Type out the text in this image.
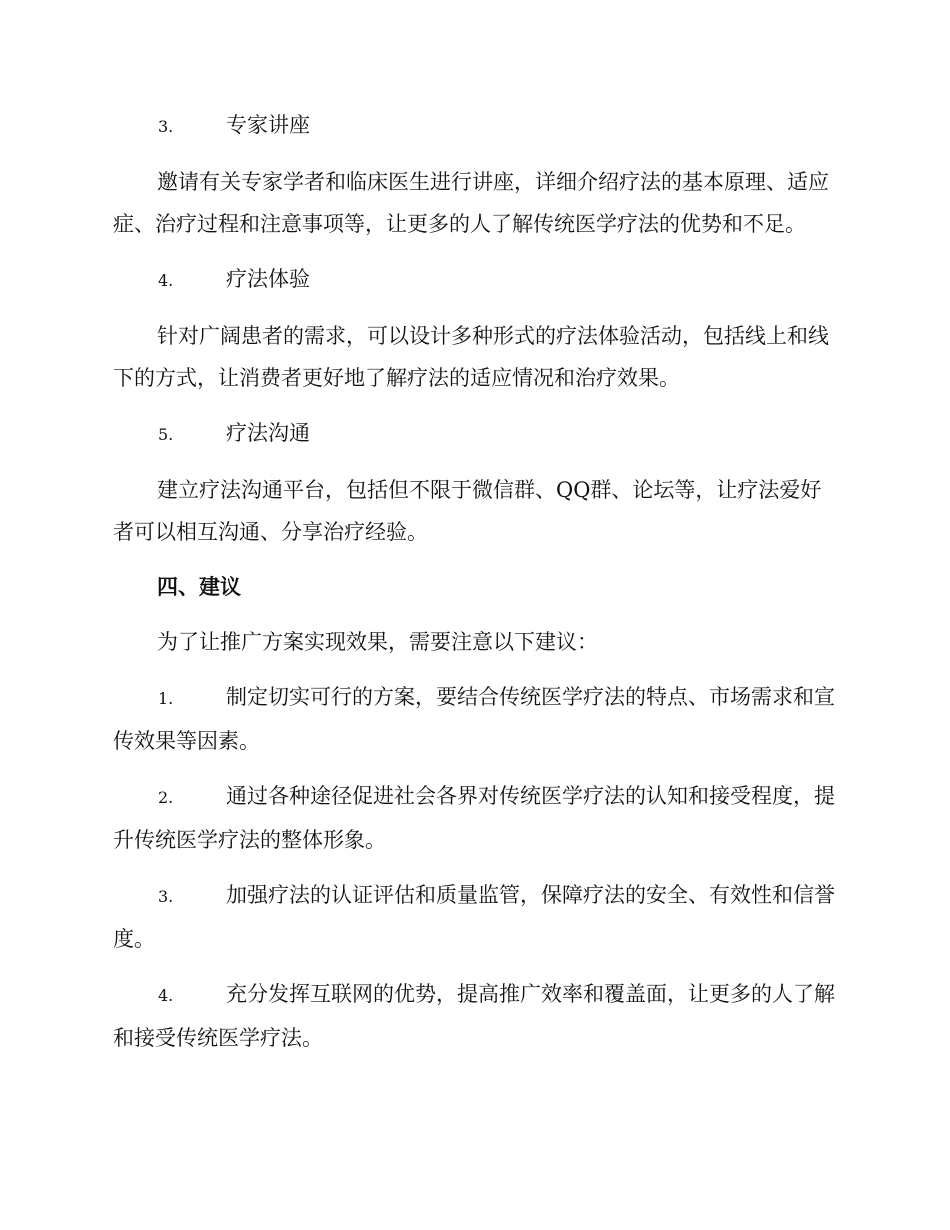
3.	专家讲座

邀请有关专家学者和临床医生进行讲座，详细介绍疗法的基本原理、适应症、治疗过程和注意事项等，让更多的人了解传统医学疗法的优势和不足。

4.	疗法体验

针对广阔患者的需求，可以设计多种形式的疗法体验活动，包括线上和线下的方式，让消费者更好地了解疗法的适应情况和治疗效果。

5.	疗法沟通

建立疗法沟通平台，包括但不限于微信群、QQ群、论坛等，让疗法爱好者可以相互沟通、分享治疗经验。

四、建议

为了让推广方案实现效果，需要注意以下建议：

1.	制定切实可行的方案，要结合传统医学疗法的特点、市场需求和宣传效果等因素。

2.	通过各种途径促进社会各界对传统医学疗法的认知和接受程度，提升传统医学疗法的整体形象。

3.	加强疗法的认证评估和质量监管，保障疗法的安全、有效性和信誉度。

4.	充分发挥互联网的优势，提高推广效率和覆盖面，让更多的人了解和接受传统医学疗法。
